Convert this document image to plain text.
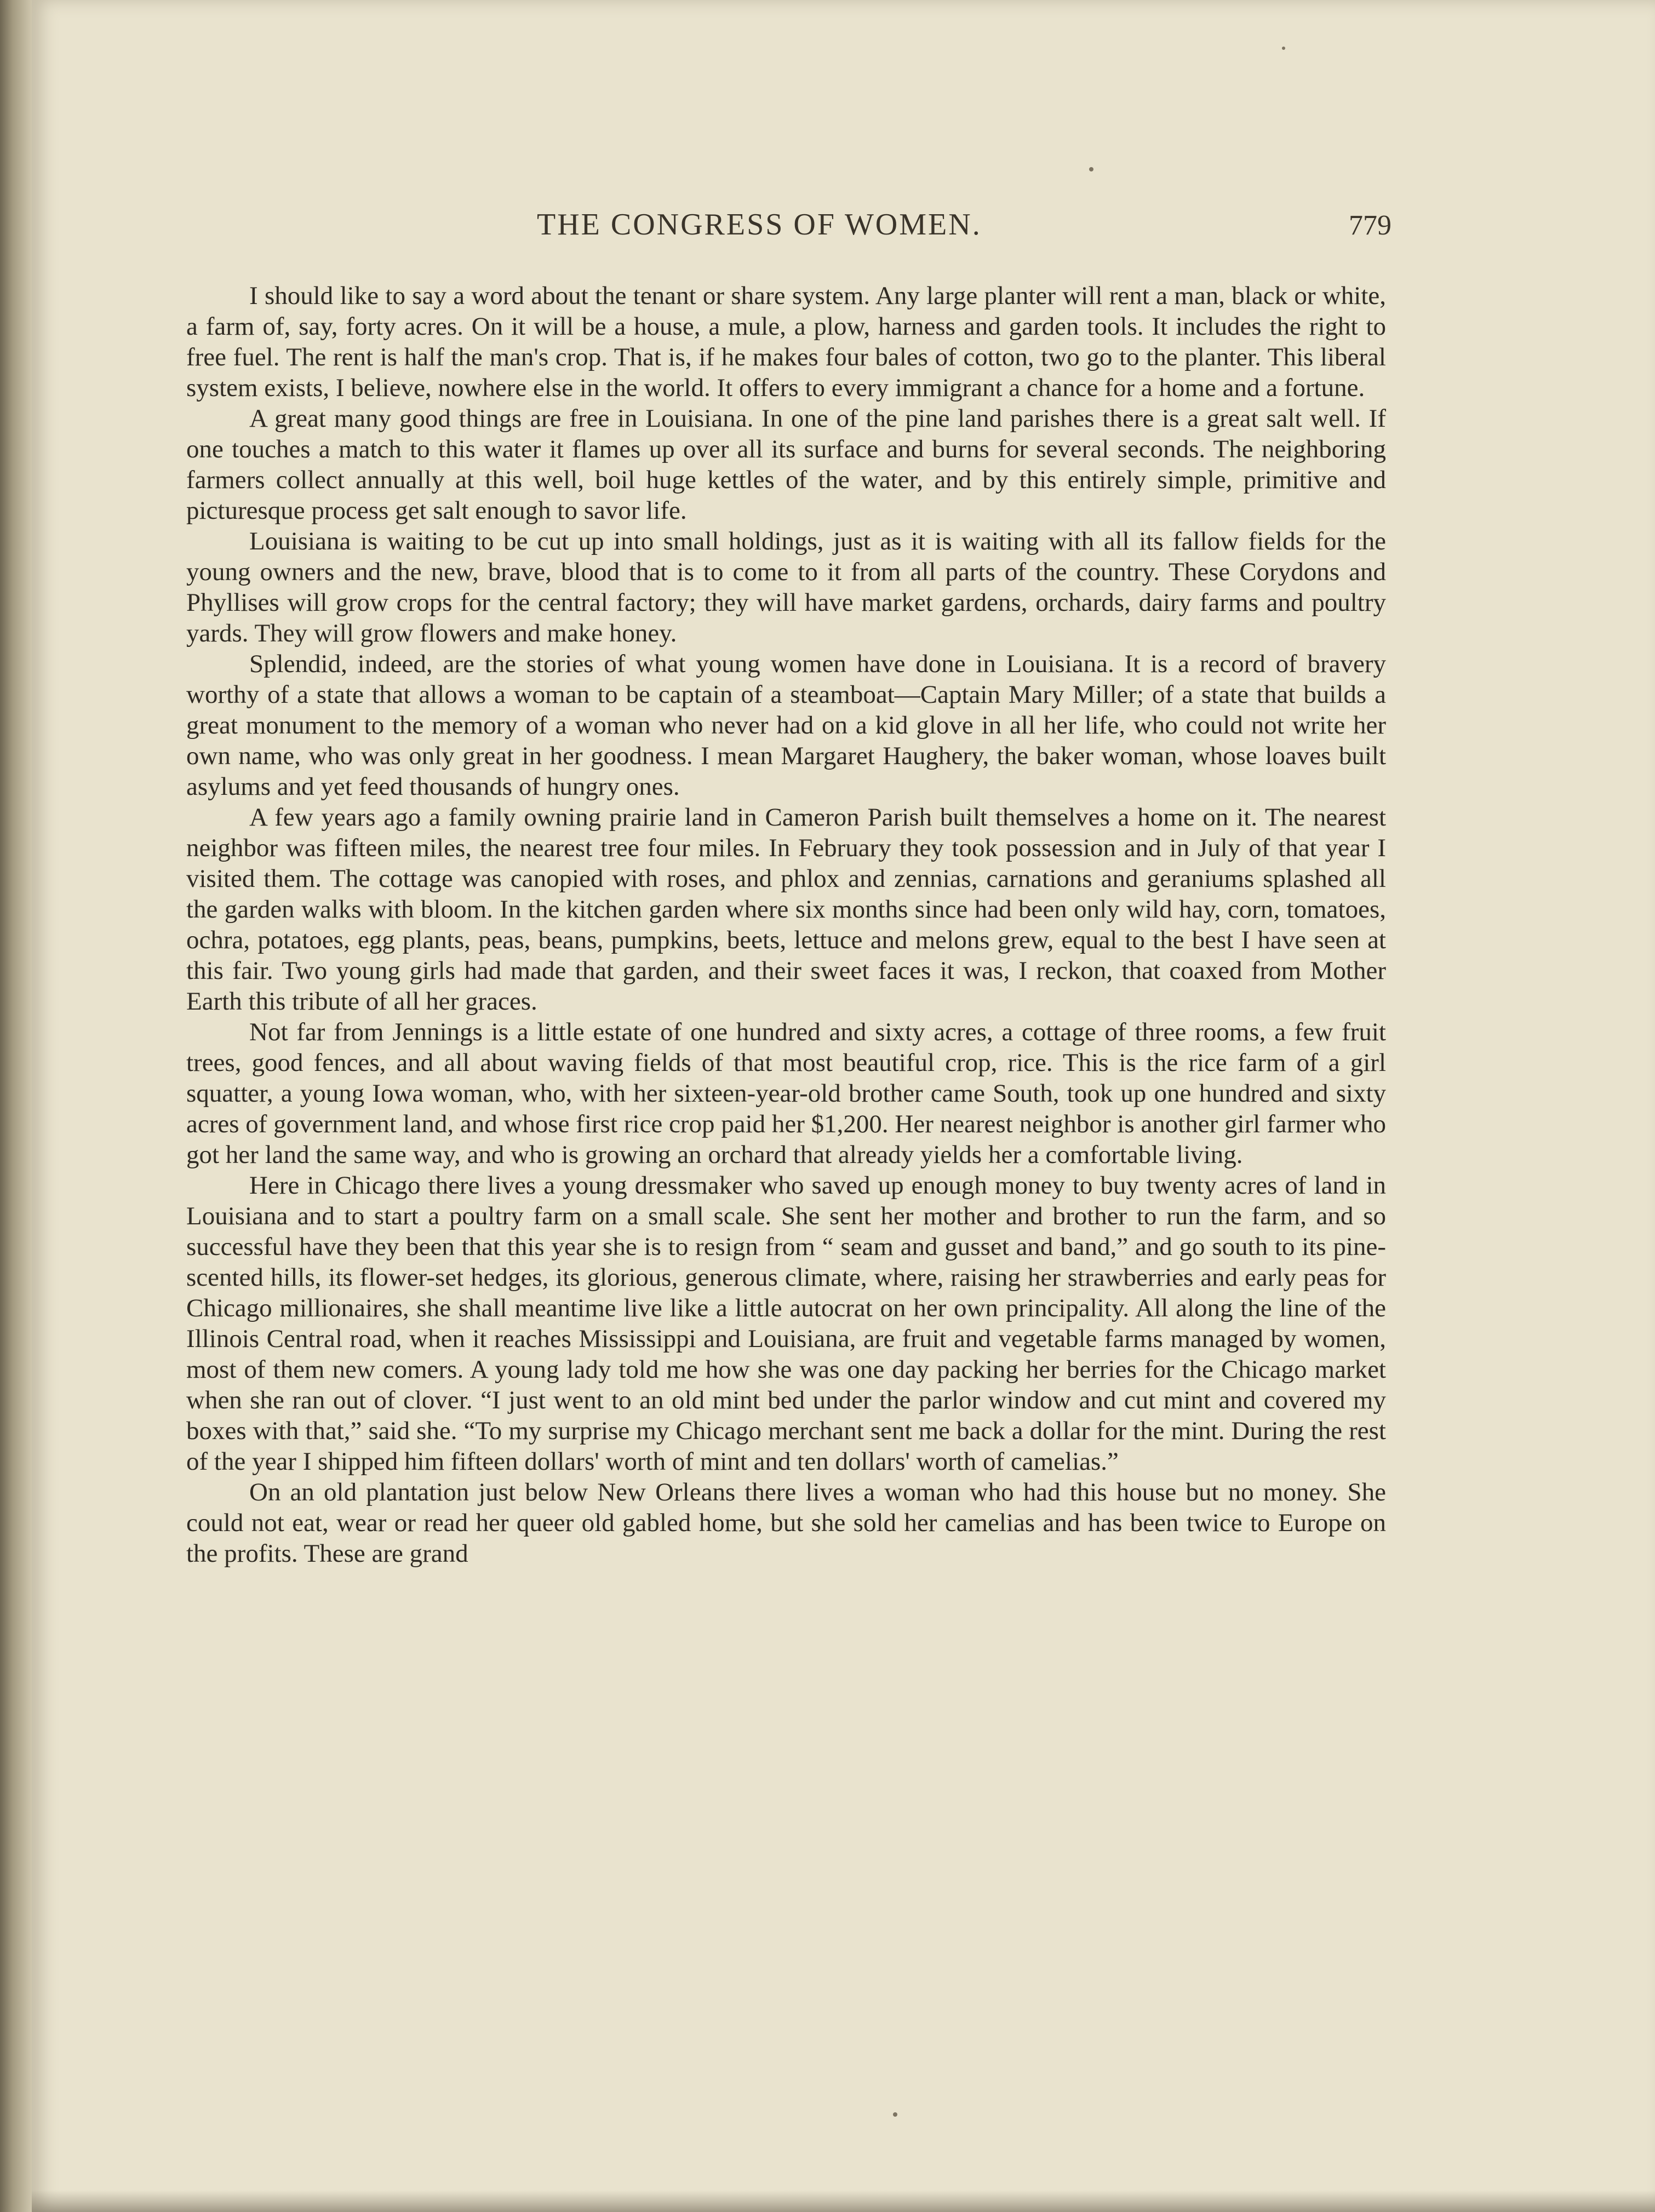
THE CONGRESS OF WOMEN.	779

I should like to say a word about the tenant or share system. Any large planter will rent a man, black or white, a farm of, say, forty acres. On it will be a house, a mule, a plow, harness and garden tools. It includes the right to free fuel. The rent is half the man's crop. That is, if he makes four bales of cotton, two go to the planter. This liberal system exists, I believe, nowhere else in the world. It offers to every immigrant a chance for a home and a fortune.

A great many good things are free in Louisiana. In one of the pine land parishes there is a great salt well. If one touches a match to this water it flames up over all its surface and burns for several seconds. The neighboring farmers collect annually at this well, boil huge kettles of the water, and by this entirely simple, primitive and picturesque process get salt enough to savor life.

Louisiana is waiting to be cut up into small holdings, just as it is waiting with all its fallow fields for the young owners and the new, brave, blood that is to come to it from all parts of the country. These Corydons and Phyllises will grow crops for the central factory; they will have market gardens, orchards, dairy farms and poultry yards. They will grow flowers and make honey.

Splendid, indeed, are the stories of what young women have done in Louisiana. It is a record of bravery worthy of a state that allows a woman to be captain of a steamboat—Captain Mary Miller; of a state that builds a great monument to the memory of a woman who never had on a kid glove in all her life, who could not write her own name, who was only great in her goodness. I mean Margaret Haughery, the baker woman, whose loaves built asylums and yet feed thousands of hungry ones.

A few years ago a family owning prairie land in Cameron Parish built themselves a home on it. The nearest neighbor was fifteen miles, the nearest tree four miles. In February they took possession and in July of that year I visited them. The cottage was canopied with roses, and phlox and zennias, carnations and geraniums splashed all the garden walks with bloom. In the kitchen garden where six months since had been only wild hay, corn, tomatoes, ochra, potatoes, egg plants, peas, beans, pumpkins, beets, lettuce and melons grew, equal to the best I have seen at this fair. Two young girls had made that garden, and their sweet faces it was, I reckon, that coaxed from Mother Earth this tribute of all her graces.

Not far from Jennings is a little estate of one hundred and sixty acres, a cottage of three rooms, a few fruit trees, good fences, and all about waving fields of that most beautiful crop, rice. This is the rice farm of a girl squatter, a young Iowa woman, who, with her sixteen-year-old brother came South, took up one hundred and sixty acres of government land, and whose first rice crop paid her $1,200. Her nearest neighbor is another girl farmer who got her land the same way, and who is growing an orchard that already yields her a comfortable living.

Here in Chicago there lives a young dressmaker who saved up enough money to buy twenty acres of land in Louisiana and to start a poultry farm on a small scale. She sent her mother and brother to run the farm, and so successful have they been that this year she is to resign from “ seam and gusset and band,” and go south to its pine-scented hills, its flower-set hedges, its glorious, generous climate, where, raising her strawberries and early peas for Chicago millionaires, she shall meantime live like a little autocrat on her own principality. All along the line of the Illinois Central road, when it reaches Mississippi and Louisiana, are fruit and vegetable farms managed by women, most of them new comers. A young lady told me how she was one day packing her berries for the Chicago market when she ran out of clover. “I just went to an old mint bed under the parlor window and cut mint and covered my boxes with that,” said she. “To my surprise my Chicago merchant sent me back a dollar for the mint. During the rest of the year I shipped him fifteen dollars' worth of mint and ten dollars' worth of camelias.”

On an old plantation just below New Orleans there lives a woman who had this house but no money. She could not eat, wear or read her queer old gabled home, but she sold her camelias and has been twice to Europe on the profits. These are grand
